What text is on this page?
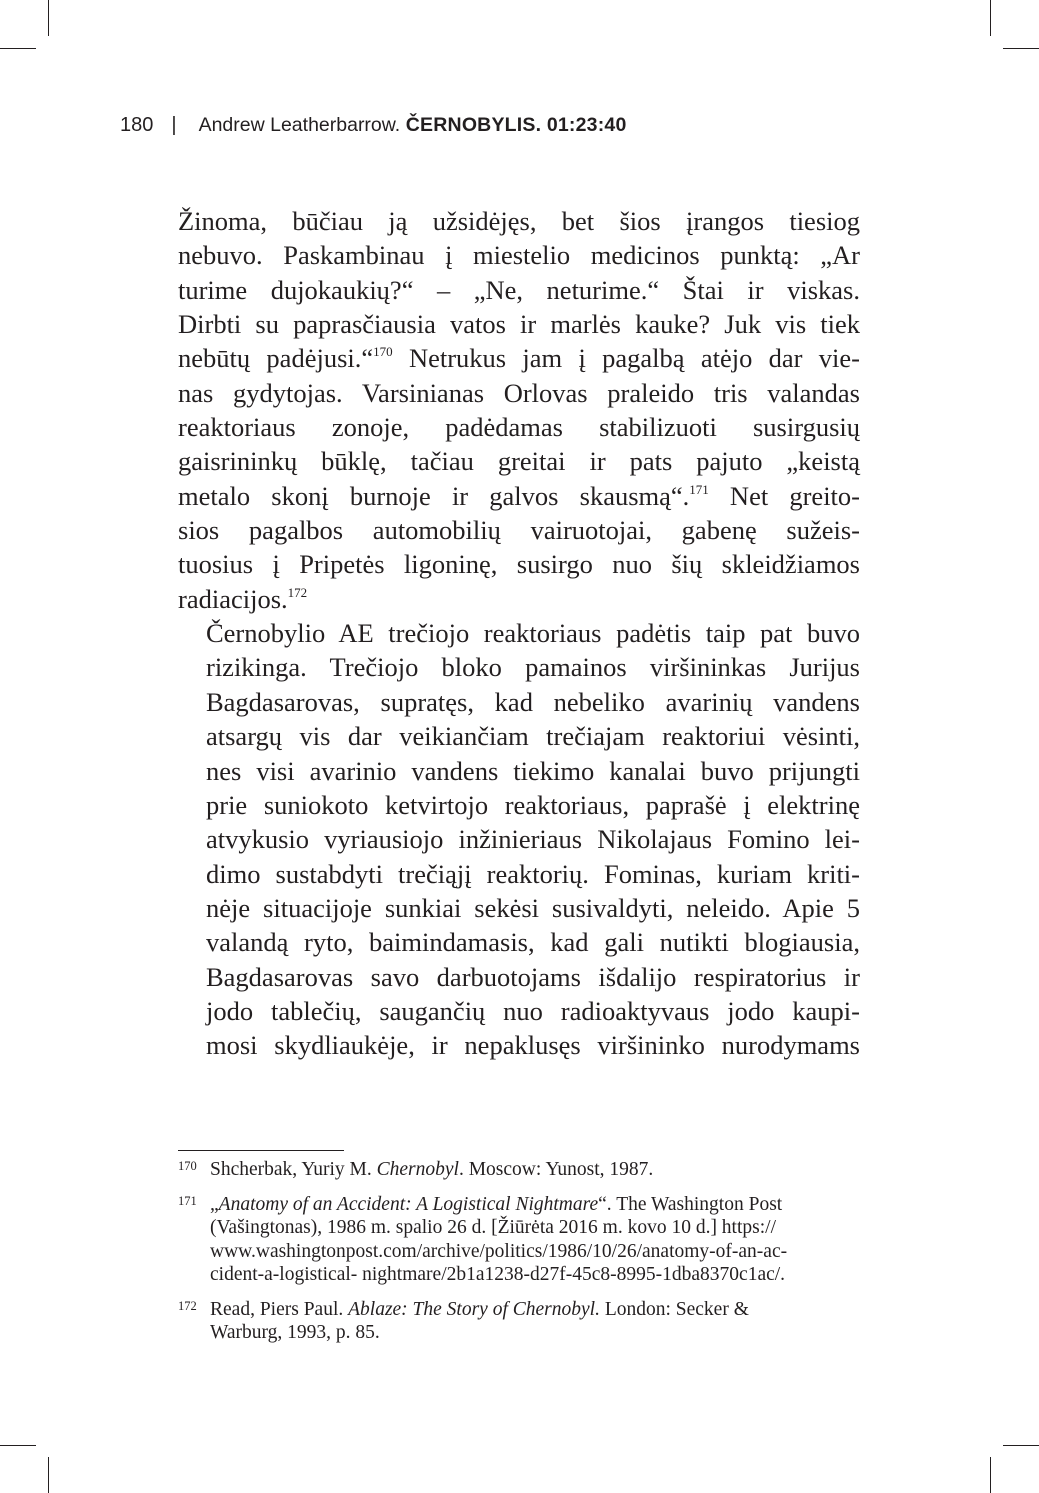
180 | Andrew Leatherbarrow. ČERNOBYLIS. 01:23:40

Žinoma, būčiau ją užsidėjęs, bet šios įrangos tiesiog
nebuvo. Paskambinau į miestelio medicinos punktą: „Ar
turime dujokaukių?“ – „Ne, neturime.“ Štai ir viskas.
Dirbti su paprasčiausia vatos ir marlės kauke? Juk vis tiek
nebūtų padėjusi.“$^{170}$ Netrukus jam į pagalbą atėjo dar vie-
nas gydytojas. Varsinianas Orlovas praleido tris valandas
reaktoriaus zonoje, padėdamas stabilizuoti susirgusių
gaisrininkų būklę, tačiau greitai ir pats pajuto „keistą
metalo skonį burnoje ir galvos skausmą“.$^{171}$ Net greito-
sios pagalbos automobilių vairuotojai, gabenę sužeis-
tuosius į Pripetės ligoninę, susirgo nuo šių skleidžiamos
radiacijos.$^{172}$

Černobylio AE trečiojo reaktoriaus padėtis taip pat buvo
rizikinga. Trečiojo bloko pamainos viršininkas Jurijus
Bagdasarovas, supratęs, kad nebeliko avarinių vandens
atsargų vis dar veikiančiam trečiajam reaktoriui vėsinti,
nes visi avarinio vandens tiekimo kanalai buvo prijungti
prie suniokoto ketvirtojo reaktoriaus, paprašė į elektrinę
atvykusio vyriausiojo inžinieriaus Nikolajaus Fomino lei-
dimo sustabdyti trečiąjį reaktorių. Fominas, kuriam kriti-
nėje situacijoje sunkiai sekėsi susivaldyti, neleido. Apie 5
valandą ryto, baimindamasis, kad gali nutikti blogiausia,
Bagdasarovas savo darbuotojams išdalijo respiratorius ir
jodo tablečių, saugančių nuo radioaktyvaus jodo kaupi-
mosi skydliaukėje, ir nepaklusęs viršininko nurodymams

170 Shcherbak, Yuriy M. Chernobyl. Moscow: Yunost, 1987.
171 „Anatomy of an Accident: A Logistical Nightmare“. The Washington Post
(Vašingtonas), 1986 m. spalio 26 d. [Žiūrėta 2016 m. kovo 10 d.] https://
www.washingtonpost.com/archive/politics/1986/10/26/anatomy-of-an-ac-
cident-a-logistical- nightmare/2b1a1238-d27f-45c8-8995-1dba8370c1ac/.
172 Read, Piers Paul. Ablaze: The Story of Chernobyl. London: Secker &
Warburg, 1993, p. 85.
